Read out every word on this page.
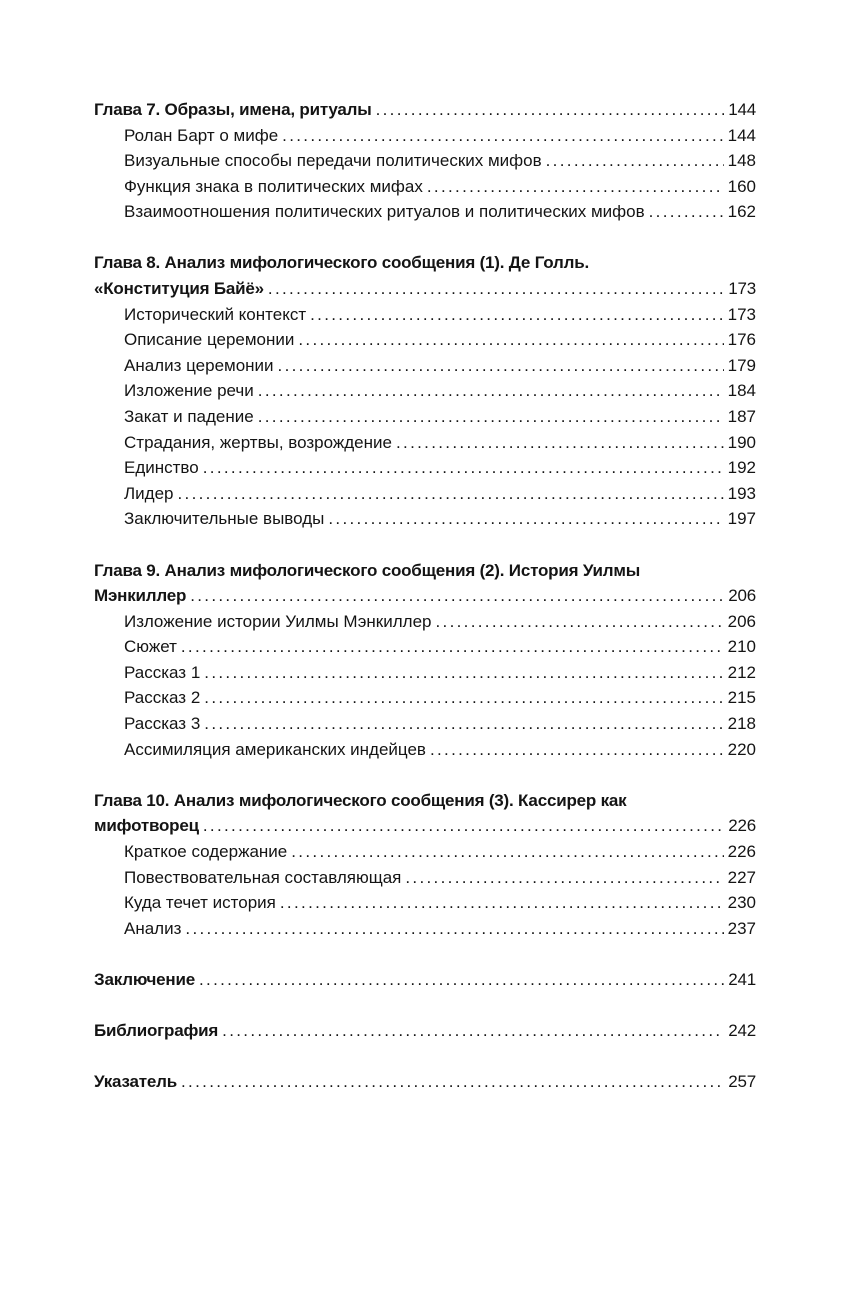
Глава 7. Образы, имена, ритуалы . . .	144
Ролан Барт о мифе . . .	144
Визуальные способы передачи политических мифов . . .	148
Функция знака в политических мифах . . .	160
Взаимоотношения политических ритуалов и политических мифов . . .	162
Глава 8. Анализ мифологического сообщения (1). Де Голль.
«Конституция Байё» . . .	173
Исторический контекст . . .	173
Описание церемонии . . .	176
Анализ церемонии . . .	179
Изложение речи . . .	184
Закат и падение . . .	187
Страдания, жертвы, возрождение . . .	190
Единство . . .	192
Лидер . . .	193
Заключительные выводы . . .	197
Глава 9. Анализ мифологического сообщения (2). История Уилмы
Мэнкиллер . . .	206
Изложение истории Уилмы Мэнкиллер . . .	206
Сюжет . . .	210
Рассказ 1 . . .	212
Рассказ 2 . . .	215
Рассказ 3 . . .	218
Ассимиляция американских индейцев . . .	220
Глава 10. Анализ мифологического сообщения (3). Кассирер как
мифотворец . . .	226
Краткое содержание . . .	226
Повествовательная составляющая . . .	227
Куда течет история . . .	230
Анализ . . .	237
Заключение . . .	241
Библиография . . .	242
Указатель . . .	257
